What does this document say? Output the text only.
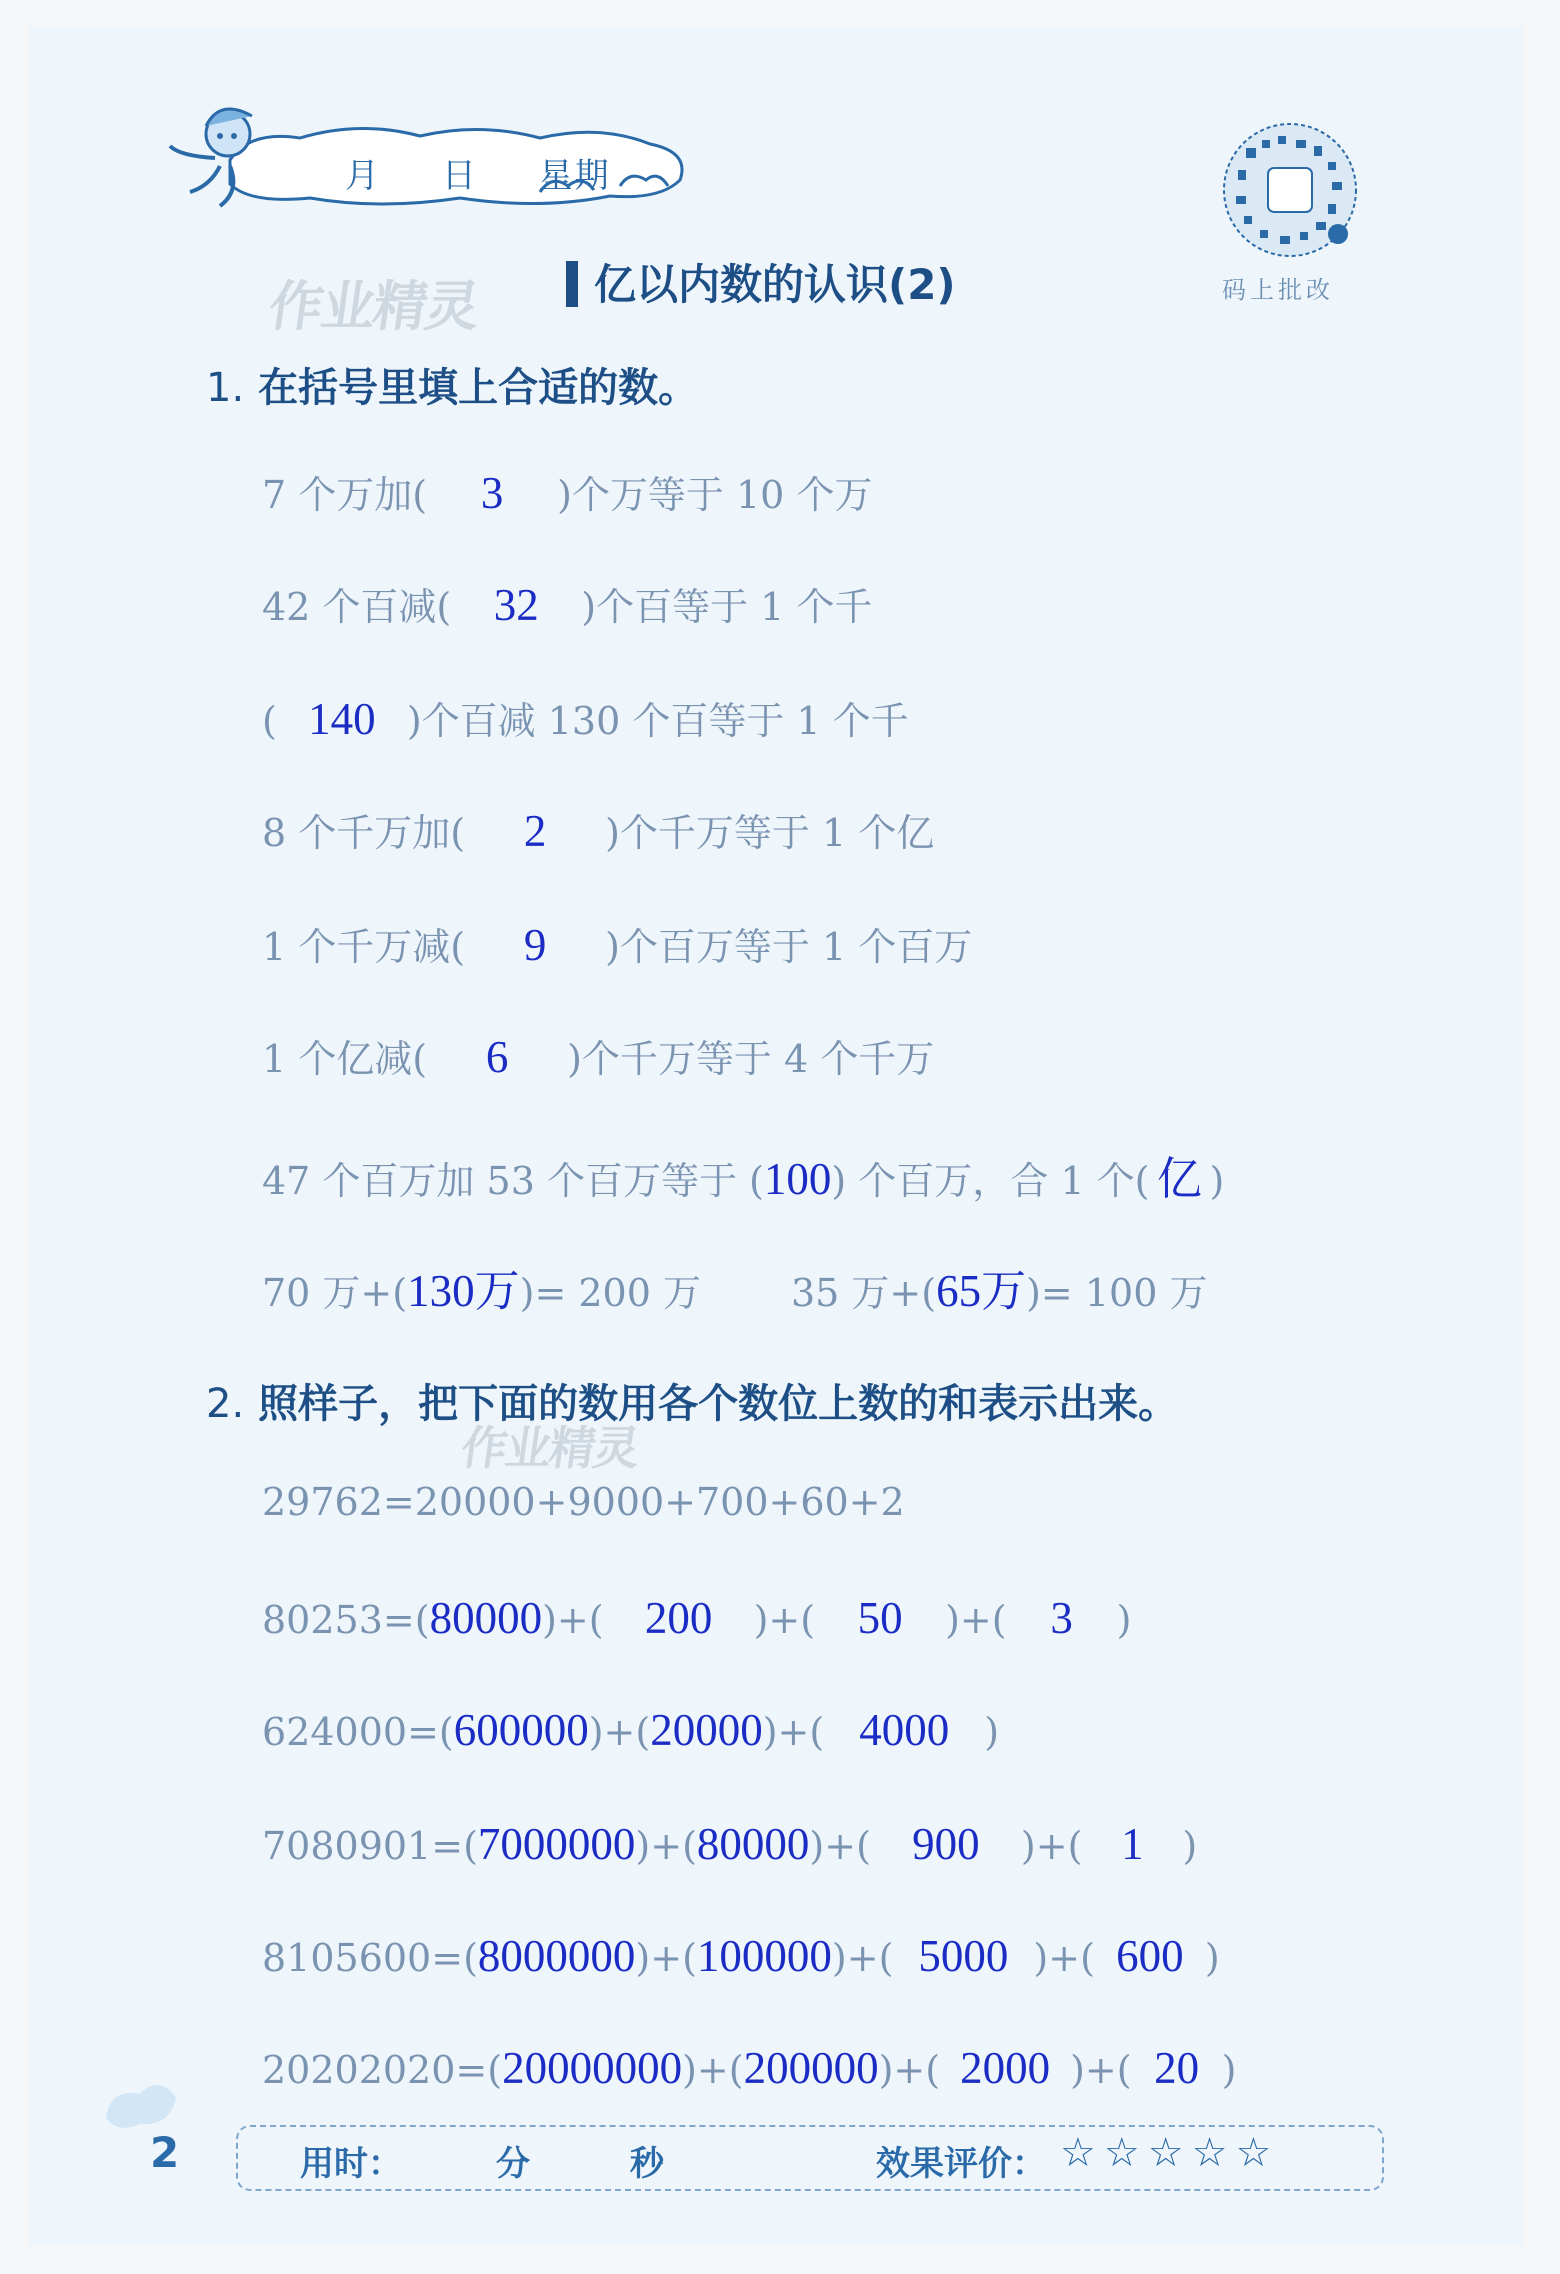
月 日 星期
码上批改
作业精灵
作业精灵
亿以内数的认识(2)
1. 在括号里填上合适的数。
7 个万加( 3 )个万等于 10 个万
42 个百减( 32 )个百等于 1 个千
( 140 )个百减 130 个百等于 1 个千
8 个千万加( 2 )个千万等于 1 个亿
1 个千万减( 9 )个百万等于 1 个百万
1 个亿减( 6 )个千万等于 4 个千万
47 个百万加 53 个百万等于 (100) 个百万，合 1 个( 亿 )
70 万+(130万)= 200 万 35 万+(65万)= 100 万
2. 照样子，把下面的数用各个数位上数的和表示出来。
29762=20000+9000+700+60+2
80253=(80000)+( 200 )+( 50 )+( 3 )
624000=(600000)+(20000)+( 4000 )
7080901=(7000000)+(80000)+( 900 )+( 1 )
8105600=(8000000)+(100000)+( 5000 )+( 600 )
20202020=(20000000)+(200000)+( 2000 )+( 20 )
2	用时：	分	秒	效果评价： ☆☆☆☆☆
